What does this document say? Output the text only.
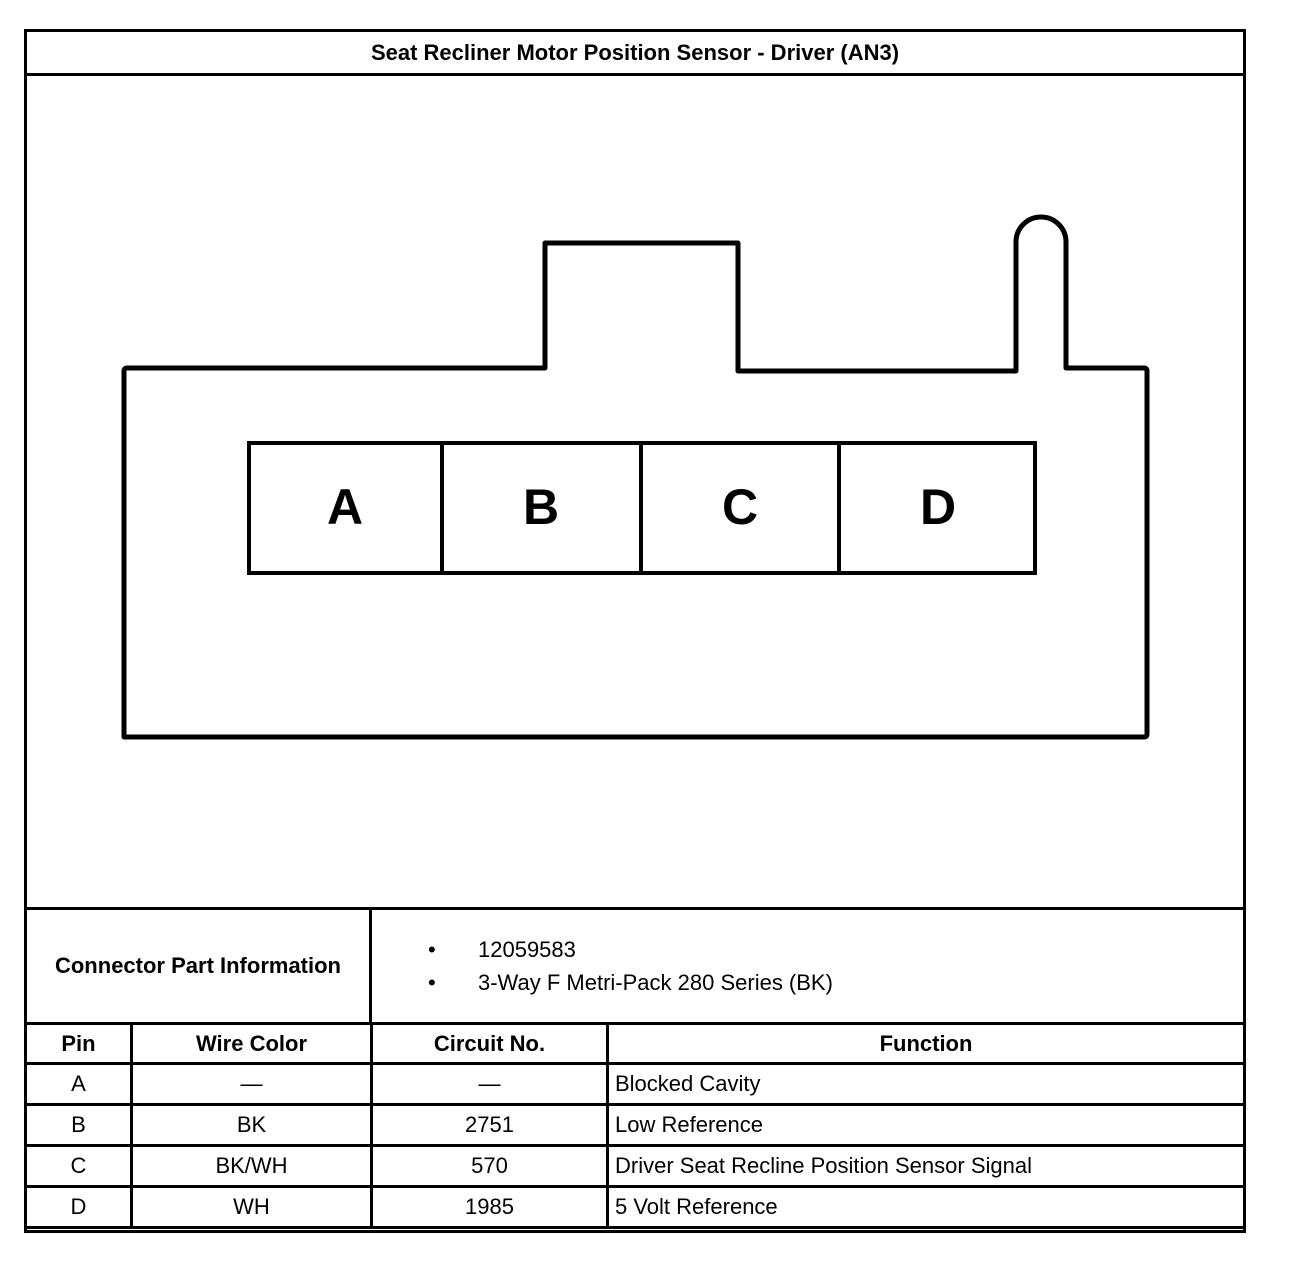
Seat Recliner Motor Position Sensor - Driver (AN3)
A	B	C	D
Connector Part Information	
• 12059583
• 3-Way F Metri-Pack 280 Series (BK)
Pin	Wire Color	Circuit No.	Function
A	—	—	Blocked Cavity
B	BK	2751	Low Reference
C	BK/WH	570	Driver Seat Recline Position Sensor Signal
D	WH	1985	5 Volt Reference
